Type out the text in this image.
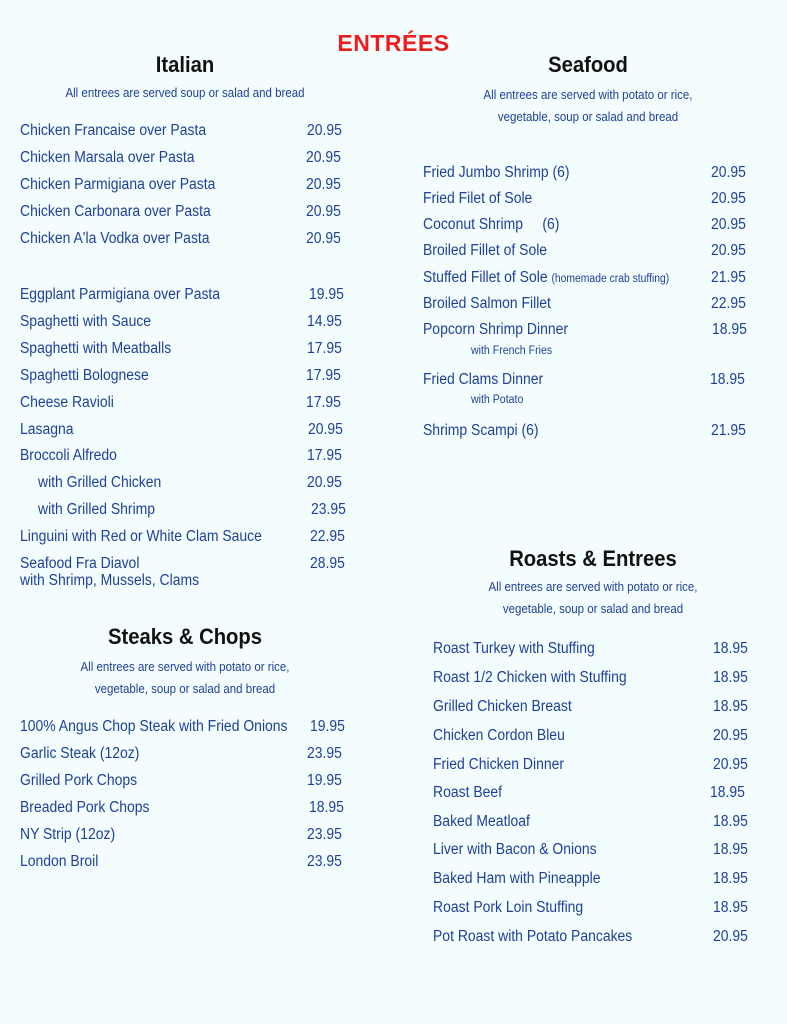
ENTRÉES
Italian
All entrees are served soup or salad and bread
Chicken Francaise over Pasta	20.95
Chicken Marsala over Pasta	20.95
Chicken Parmigiana over Pasta	20.95
Chicken Carbonara over Pasta	20.95
Chicken A'la Vodka over Pasta	20.95
Eggplant Parmigiana over Pasta	19.95
Spaghetti with Sauce	14.95
Spaghetti with Meatballs	17.95
Spaghetti Bolognese	17.95
Cheese Ravioli	17.95
Lasagna	20.95
Broccoli Alfredo	17.95
with Grilled Chicken	20.95
with Grilled Shrimp	23.95
Linguini with Red or White Clam Sauce	22.95
Seafood Fra Diavol	28.95
with Shrimp, Mussels, Clams
Steaks & Chops
All entrees are served with potato or rice,
vegetable, soup or salad and bread
100% Angus Chop Steak with Fried Onions 19.95
Garlic Steak (12oz)	23.95
Grilled Pork Chops	19.95
Breaded Pork Chops	18.95
NY Strip (12oz)	23.95
London Broil	23.95
Seafood
All entrees are served with potato or rice,
vegetable, soup or salad and bread
Fried Jumbo Shrimp (6)	20.95
Fried Filet of Sole	20.95
Coconut Shrimp     (6)	20.95
Broiled Fillet of Sole	20.95
Stuffed Fillet of Sole (homemade crab stuffing)	21.95
Broiled Salmon Fillet	22.95
Popcorn Shrimp Dinner	18.95
with French Fries
Fried Clams Dinner	18.95
with Potato
Shrimp Scampi (6)	21.95
Roasts & Entrees
All entrees are served with potato or rice,
vegetable, soup or salad and bread
Roast Turkey with Stuffing	18.95
Roast 1/2 Chicken with Stuffing	18.95
Grilled Chicken Breast	18.95
Chicken Cordon Bleu	20.95
Fried Chicken Dinner	20.95
Roast Beef	18.95
Baked Meatloaf	18.95
Liver with Bacon & Onions	18.95
Baked Ham with Pineapple	18.95
Roast Pork Loin Stuffing	18.95
Pot Roast with Potato Pancakes	20.95
